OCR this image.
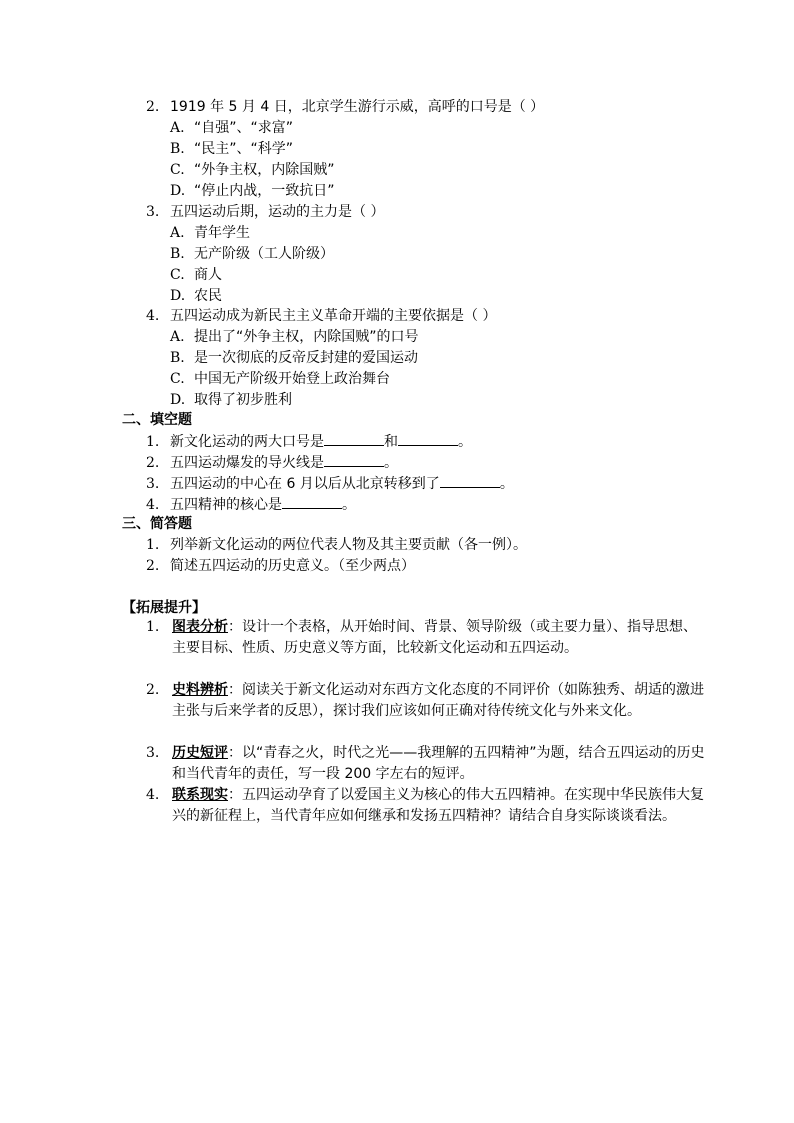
2. 1919 年 5 月 4 日，北京学生游行示威，高呼的口号是（ ）
A. “自强”、“求富”
B. “民主”、“科学”
C. “外争主权，内除国贼”
D. “停止内战，一致抗日”
3. 五四运动后期，运动的主力是（ ）
A. 青年学生
B. 无产阶级（工人阶级）
C. 商人
D. 农民
4. 五四运动成为新民主主义革命开端的主要依据是（ ）
A. 提出了“外争主权，内除国贼”的口号
B. 是一次彻底的反帝反封建的爱国运动
C. 中国无产阶级开始登上政治舞台
D. 取得了初步胜利
二、填空题
1. 新文化运动的两大口号是	和	。
2. 五四运动爆发的导火线是	。
3. 五四运动的中心在 6 月以后从北京转移到了	。
4. 五四精神的核心是	。
三、简答题
1. 列举新文化运动的两位代表人物及其主要贡献（各一例）。
2. 简述五四运动的历史意义。（至少两点）
【拓展提升】
1. 图表分析：设计一个表格，从开始时间、背景、领导阶级（或主要力量）、指导思想、主要目标、性质、历史意义等方面，比较新文化运动和五四运动。
2. 史料辨析：阅读关于新文化运动对东西方文化态度的不同评价（如陈独秀、胡适的激进主张与后来学者的反思），探讨我们应该如何正确对待传统文化与外来文化。
3. 历史短评：以“青春之火，时代之光——我理解的五四精神”为题，结合五四运动的历史和当代青年的责任，写一段 200 字左右的短评。
4. 联系现实：五四运动孕育了以爱国主义为核心的伟大五四精神。在实现中华民族伟大复兴的新征程上，当代青年应如何继承和发扬五四精神？请结合自身实际谈谈看法。
